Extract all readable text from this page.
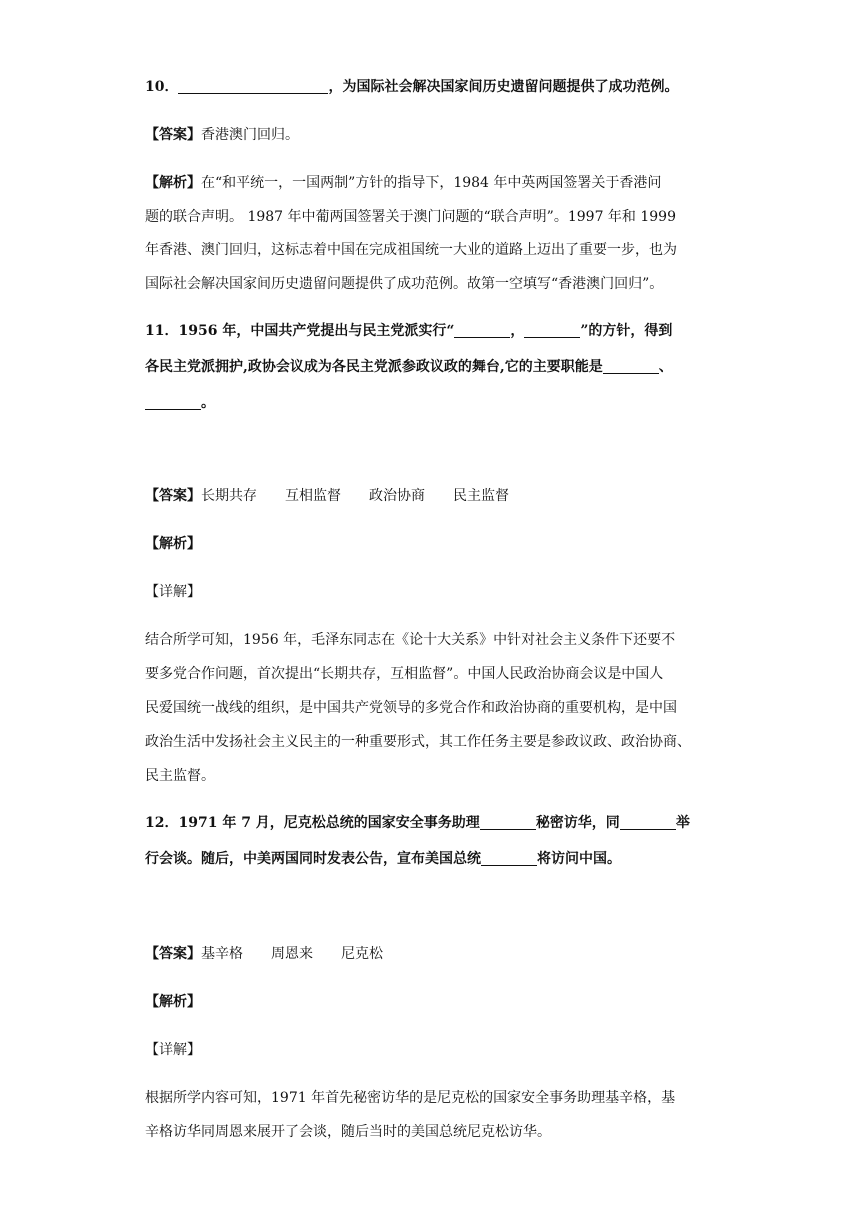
10．	，为国际社会解决国家间历史遗留问题提供了成功范例。
【答案】香港澳门回归。
【解析】在“和平统一，一国两制”方针的指导下，1984 年中英两国签署关于香港问
题的联合声明。 1987 年中葡两国签署关于澳门问题的“联合声明”。1997 年和 1999
年香港、澳门回归，这标志着中国在完成祖国统一大业的道路上迈出了重要一步，也为
国际社会解决国家间历史遗留问题提供了成功范例。故第一空填写“香港澳门回归”。
11．1956 年，中国共产党提出与民主党派实行“	，	”的方针，得到
各民主党派拥护,政协会议成为各民主党派参政议政的舞台,它的主要职能是	、
。
【答案】长期共存 互相监督 政治协商 民主监督
【解析】
【详解】
结合所学可知，1956 年，毛泽东同志在《论十大关系》中针对社会主义条件下还要不
要多党合作问题，首次提出“长期共存，互相监督”。中国人民政治协商会议是中国人
民爱国统一战线的组织，是中国共产党领导的多党合作和政治协商的重要机构，是中国
政治生活中发扬社会主义民主的一种重要形式，其工作任务主要是参政议政、政治协商、
民主监督。
12．1971 年 7 月，尼克松总统的国家安全事务助理	秘密访华，同	举
行会谈。随后，中美两国同时发表公告，宣布美国总统	将访问中国。
【答案】基辛格 周恩来 尼克松
【解析】
【详解】
根据所学内容可知，1971 年首先秘密访华的是尼克松的国家安全事务助理基辛格，基
辛格访华同周恩来展开了会谈，随后当时的美国总统尼克松访华。
